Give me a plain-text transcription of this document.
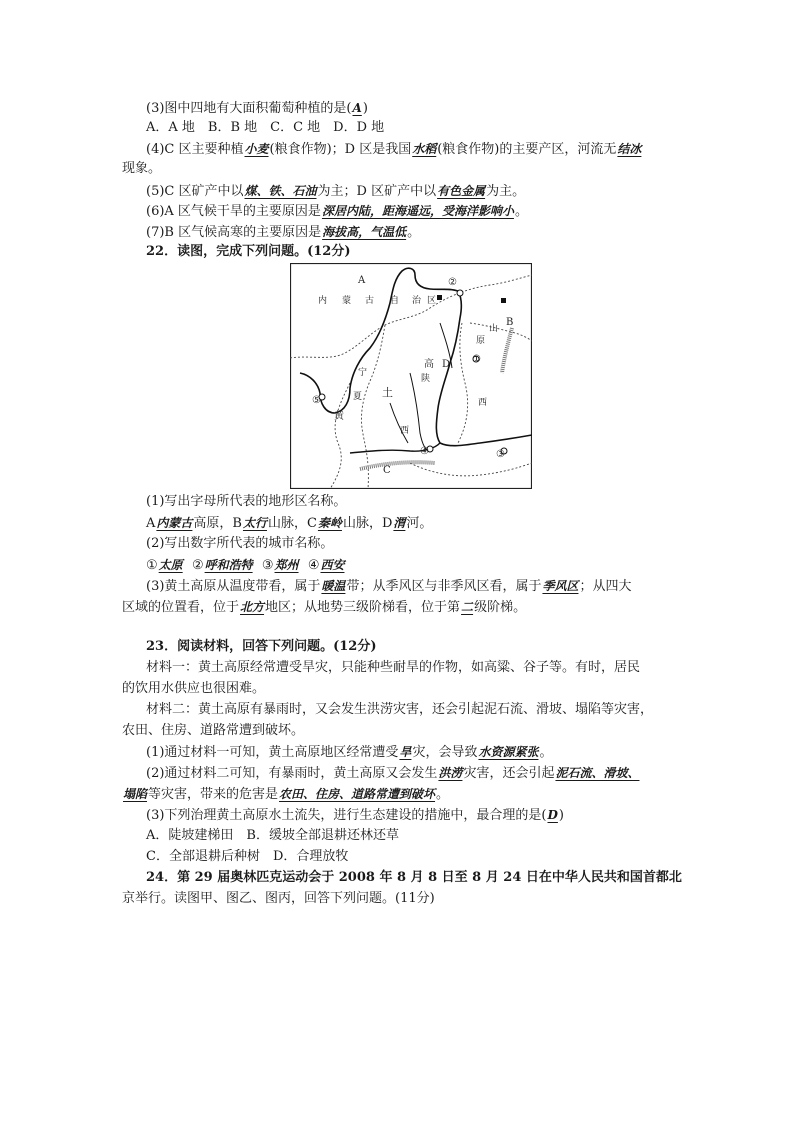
(3)图中四地有大面积葡萄种植的是(A)
A．A 地　B．B 地　C．C 地　D．D 地
(4)C 区主要种植小麦(粮食作物)；D 区是我国水稻(粮食作物)的主要产区，河流无结冰
现象。
(5)C 区矿产中以煤、铁、石油为主；D 区矿产中以有色金属为主。
(6)A 区气候干旱的主要原因是深居内陆，距海遥远，受海洋影响小。
(7)B 区气候高寒的主要原因是海拔高，气温低。
22．读图，完成下列问题。(12分)
A
B
C
D
内 蒙 古 自 治 区
山
原
西
宁
夏 土
高
陕
黄
西
①
②
③
④
⑤
(1)写出字母所代表的地形区名称。
A内蒙古高原，B太行山脉，C秦岭山脉，D渭河。
(2)写出数字所代表的城市名称。
①太原 ②呼和浩特 ③郑州 ④西安
(3)黄土高原从温度带看，属于暖温带；从季风区与非季风区看，属于季风区；从四大
区域的位置看，位于北方地区；从地势三级阶梯看，位于第二级阶梯。
23．阅读材料，回答下列问题。(12分)
材料一：黄土高原经常遭受旱灾，只能种些耐旱的作物，如高粱、谷子等。有时，居民
的饮用水供应也很困难。
材料二：黄土高原有暴雨时，又会发生洪涝灾害，还会引起泥石流、滑坡、塌陷等灾害，
农田、住房、道路常遭到破坏。
(1)通过材料一可知，黄土高原地区经常遭受旱灾，会导致水资源紧张。
(2)通过材料二可知，有暴雨时，黄土高原又会发生洪涝灾害，还会引起泥石流、滑坡、
塌陷等灾害，带来的危害是农田、住房、道路常遭到破坏。
(3)下列治理黄土高原水土流失，进行生态建设的措施中，最合理的是(D)
A．陡坡建梯田　B．缓坡全部退耕还林还草
C．全部退耕后种树　D．合理放牧
24．第 29 届奥林匹克运动会于 2008 年 8 月 8 日至 8 月 24 日在中华人民共和国首都北
京举行。读图甲、图乙、图丙，回答下列问题。(11分)
